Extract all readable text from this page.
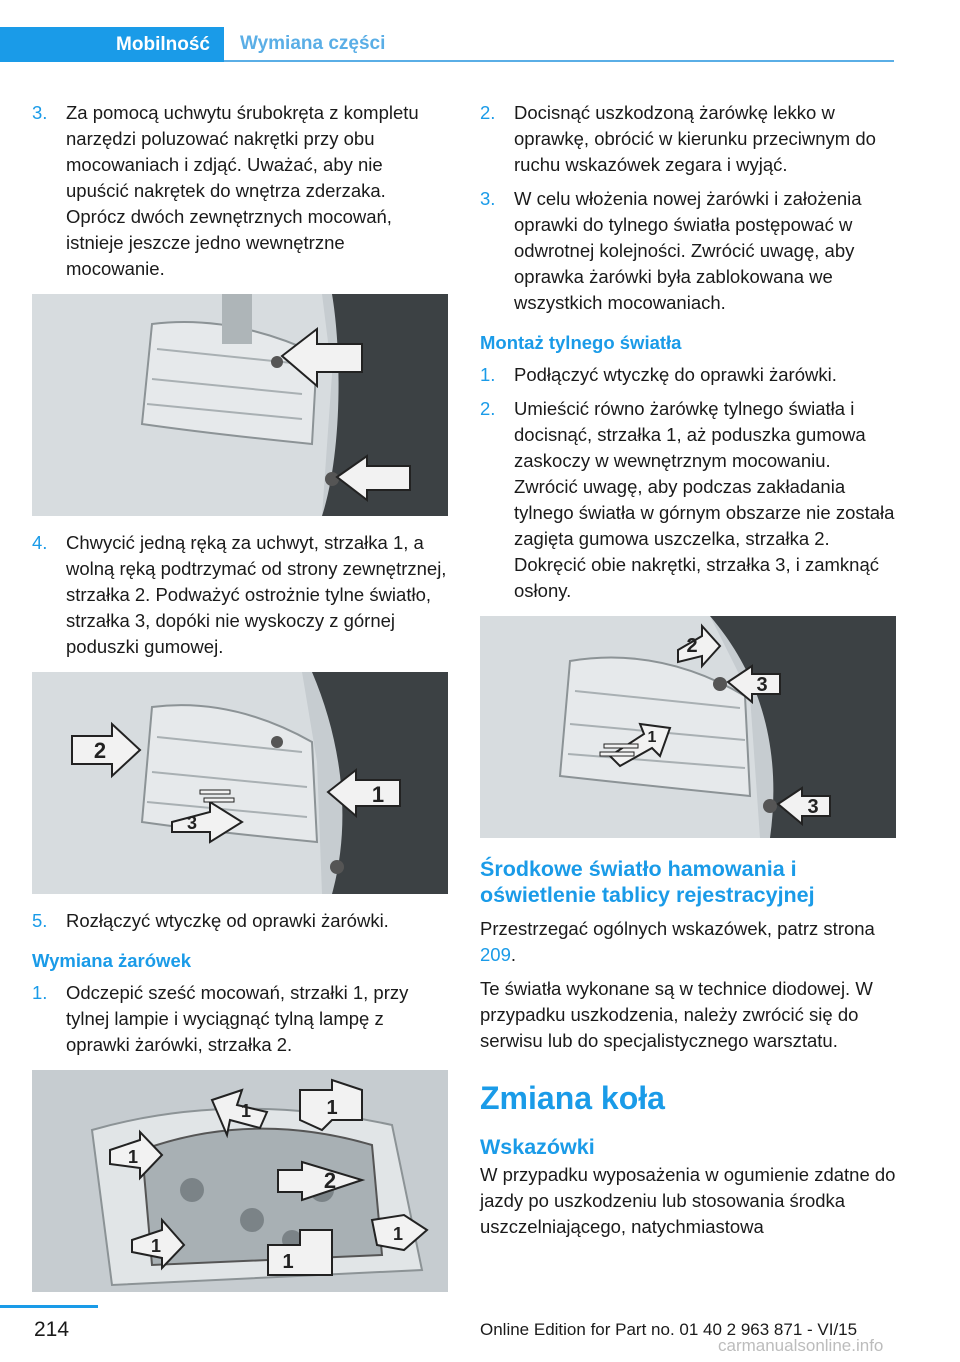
Mobilność	Wymiana części
3. Za pomocą uchwytu śrubokręta z kompletu narzędzi poluzować nakrętki przy obu mocowaniach i zdjąć. Uważać, aby nie upuścić nakrętek do wnętrza zderzaka. Oprócz dwóch zewnętrznych mocowań, istnieje jeszcze jedno wewnętrzne mocowanie.
4. Chwycić jedną ręką za uchwyt, strzałka 1, a wolną ręką podtrzymać od strony zewnętrznej, strzałka 2. Podważyć ostrożnie tylne światło, strzałka 3, dopóki nie wyskoczy z górnej poduszki gumowej.
2
1
3
5. Rozłączyć wtyczkę od oprawki żarówki.
Wymiana żarówek
1. Odczepić sześć mocowań, strzałki 1, przy tylnej lampie i wyciągnąć tylną lampę z oprawki żarówki, strzałka 2.
1	1
1
1
1
1
2
2. Docisnąć uszkodzoną żarówkę lekko w oprawkę, obrócić w kierunku przeciwnym do ruchu wskazówek zegara i wyjąć.
3. W celu włożenia nowej żarówki i założenia oprawki do tylnego światła postępować w odwrotnej kolejności. Zwrócić uwagę, aby oprawka żarówki była zablokowana we wszystkich mocowaniach.
Montaż tylnego światła
1. Podłączyć wtyczkę do oprawki żarówki.
2. Umieścić równo żarówkę tylnego światła i docisnąć, strzałka 1, aż poduszka gumowa zaskoczy w wewnętrznym mocowaniu. Zwrócić uwagę, aby podczas zakładania tylnego światła w górnym obszarze nie została zagięta gumowa uszczelka, strzałka 2. Dokręcić obie nakrętki, strzałka 3, i zamknąć osłony.
2
3
3
1
Środkowe światło hamowania i oświetlenie tablicy rejestracyjnej
Przestrzegać ogólnych wskazówek, patrz strona 209.
Te światła wykonane są w technice diodowej. W przypadku uszkodzenia, należy zwrócić się do serwisu lub do specjalistycznego warsztatu.
Zmiana koła
Wskazówki
W przypadku wyposażenia w ogumienie zdatne do jazdy po uszkodzeniu lub stosowania środka uszczelniającego, natychmiastowa
214	Online Edition for Part no. 01 40 2 963 871 - VI/15
carmanualsonline.info
